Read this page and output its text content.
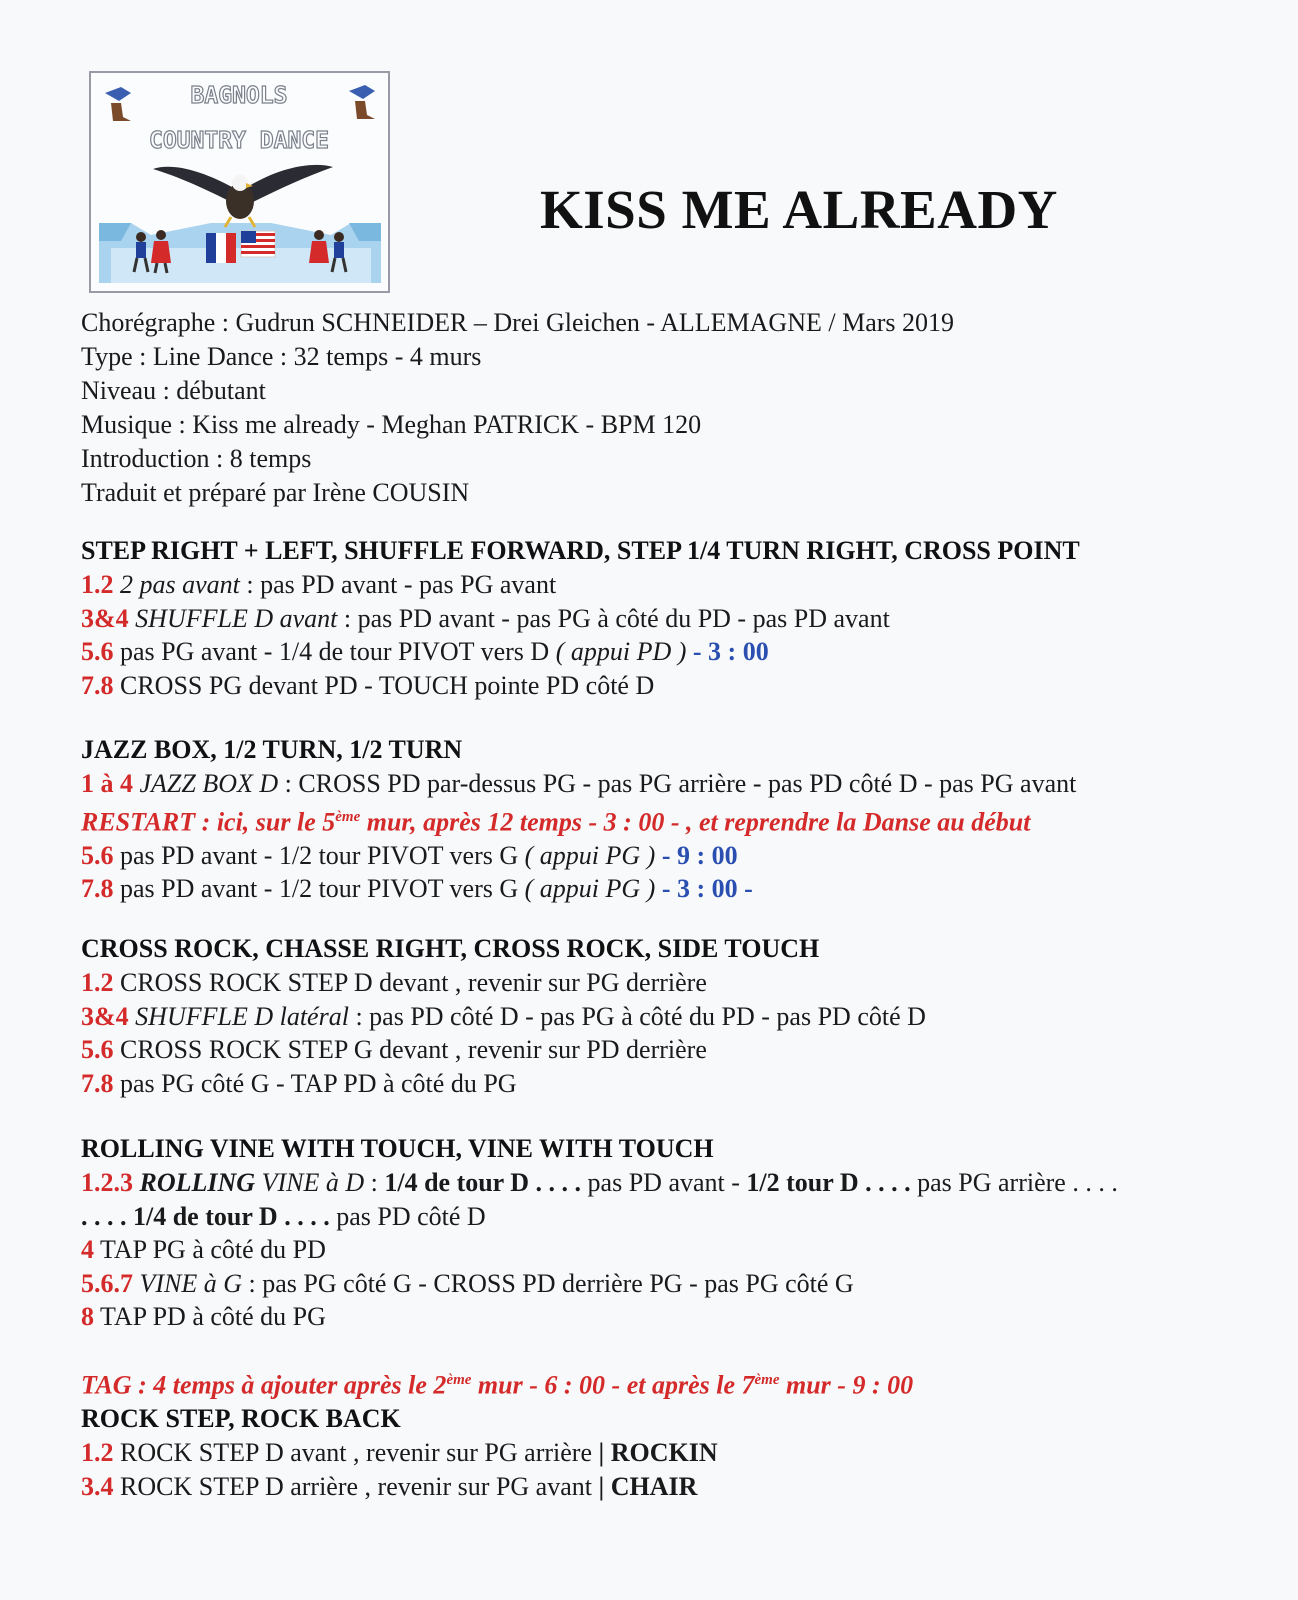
BAGNOLS
COUNTRY DANCE
KISS ME ALREADY
Chorégraphe : Gudrun SCHNEIDER – Drei Gleichen - ALLEMAGNE / Mars 2019
Type : Line Dance : 32 temps - 4 murs
Niveau : débutant
Musique : Kiss me already - Meghan PATRICK - BPM 120
Introduction : 8 temps
Traduit et préparé par Irène COUSIN
STEP RIGHT + LEFT, SHUFFLE FORWARD, STEP 1/4 TURN RIGHT, CROSS POINT
1.2 2 pas avant : pas PD avant - pas PG avant
3&4 SHUFFLE D avant : pas PD avant - pas PG à côté du PD - pas PD avant
5.6 pas PG avant - 1/4 de tour PIVOT vers D ( appui PD ) - 3 : 00
7.8 CROSS PG devant PD - TOUCH pointe PD côté D
JAZZ BOX, 1/2 TURN, 1/2 TURN
1 à 4 JAZZ BOX D : CROSS PD par-dessus PG - pas PG arrière - pas PD côté D - pas PG avant
RESTART : ici, sur le 5ème mur, après 12 temps - 3 : 00 - , et reprendre la Danse au début
5.6 pas PD avant - 1/2 tour PIVOT vers G ( appui PG ) - 9 : 00
7.8 pas PD avant - 1/2 tour PIVOT vers G ( appui PG ) - 3 : 00 -
CROSS ROCK, CHASSE RIGHT, CROSS ROCK, SIDE TOUCH
1.2 CROSS ROCK STEP D devant , revenir sur PG derrière
3&4 SHUFFLE D latéral : pas PD côté D - pas PG à côté du PD - pas PD côté D
5.6 CROSS ROCK STEP G devant , revenir sur PD derrière
7.8 pas PG côté G - TAP PD à côté du PG
ROLLING VINE WITH TOUCH, VINE WITH TOUCH
1.2.3 ROLLING VINE à D : 1/4 de tour D . . . . pas PD avant - 1/2 tour D . . . . pas PG arrière . . . .
. . . . 1/4 de tour D . . . . pas PD côté D
4 TAP PG à côté du PD
5.6.7 VINE à G : pas PG côté G - CROSS PD derrière PG - pas PG côté G
8 TAP PD à côté du PG
TAG : 4 temps à ajouter après le 2ème mur - 6 : 00 - et après le 7ème mur - 9 : 00
ROCK STEP, ROCK BACK
1.2 ROCK STEP D avant , revenir sur PG arrière | ROCKIN
3.4 ROCK STEP D arrière , revenir sur PG avant | CHAIR
